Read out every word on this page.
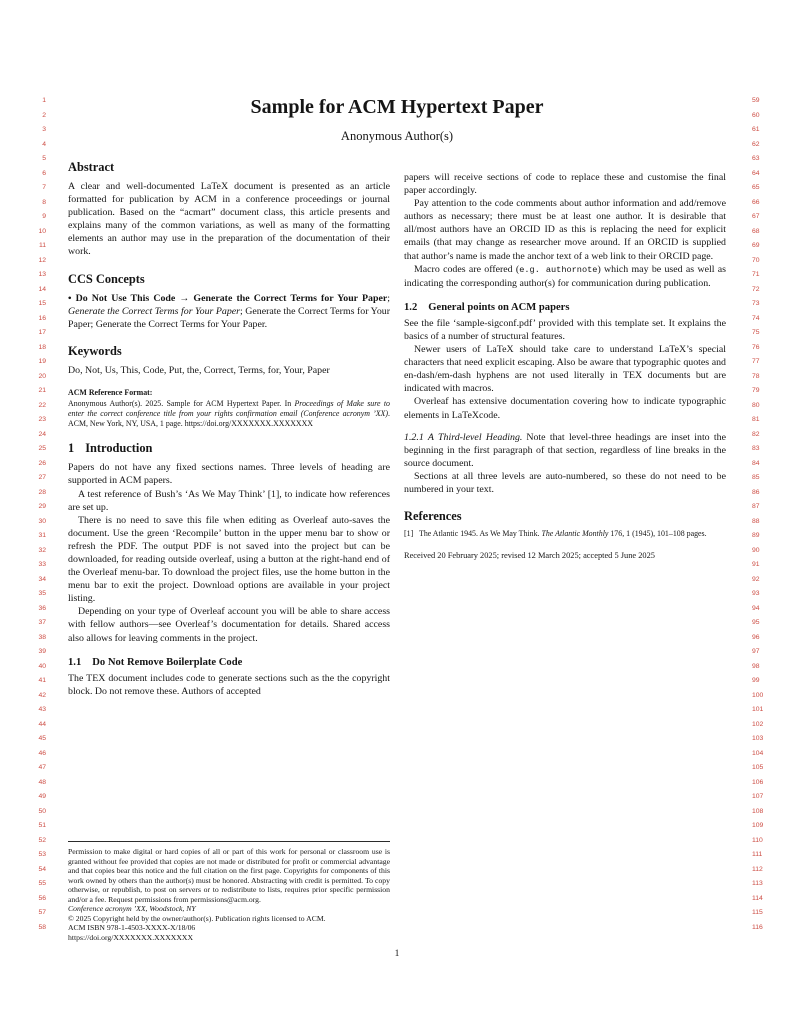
1
2
3
4
5
6
7
8
9
10
11
12
13
14
15
16
17
18
19
20
21
22
23
24
25
26
27
28
29
30
31
32
33
34
35
36
37
38
39
40
41
42
43
44
45
46
47
48
49
50
51
52
53
54
55
56
57
58
59
60
61
62
63
64
65
66
67
68
69
70
71
72
73
74
75
76
77
78
79
80
81
82
83
84
85
86
87
88
89
90
91
92
93
94
95
96
97
98
99
100
101
102
103
104
105
106
107
108
109
110
111
112
113
114
115
116
Sample for ACM Hypertext Paper
Anonymous Author(s)
Abstract

A clear and well-documented LaTeX document is presented as an article formatted for publication by ACM in a conference proceedings or journal publication. Based on the “acmart” document class, this article presents and explains many of the common variations, as well as many of the formatting elements an author may use in the preparation of the documentation of their work.

CCS Concepts

• Do Not Use This Code → Generate the Correct Terms for Your Paper; Generate the Correct Terms for Your Paper; Generate the Correct Terms for Your Paper; Generate the Correct Terms for Your Paper.

Keywords

Do, Not, Us, This, Code, Put, the, Correct, Terms, for, Your, Paper

ACM Reference Format:

Anonymous Author(s). 2025. Sample for ACM Hypertext Paper. In Proceedings of Make sure to enter the correct conference title from your rights confirmation email (Conference acronym ’XX). ACM, New York, NY, USA, 1 page. https://doi.org/XXXXXXX.XXXXXXX

1 Introduction

Papers do not have any fixed sections names. Three levels of heading are supported in ACM papers.

A test reference of Bush’s ‘As We May Think’ [1], to indicate how references are set up.

There is no need to save this file when editing as Overleaf auto-saves the document. Use the green ‘Recompile’ button in the upper menu bar to show or refresh the PDF. The output PDF is not saved into the project but can be downloaded, for reading outside overleaf, using a button at the right-hand end of the Overleaf menu-bar. To download the project files, use the home button in the menu bar to exit the project. Download options are available in your project listing.

Depending on your type of Overleaf account you will be able to share access with fellow authors—see Overleaf’s documentation for details. Shared access also allows for leaving comments in the project.

1.1 Do Not Remove Boilerplate Code

The TEX document includes code to generate sections such as the the copyright block. Do not remove these. Authors of accepted

Permission to make digital or hard copies of all or part of this work for personal or classroom use is granted without fee provided that copies are not made or distributed for profit or commercial advantage and that copies bear this notice and the full citation on the first page. Copyrights for components of this work owned by others than the author(s) must be honored. Abstracting with credit is permitted. To copy otherwise, or republish, to post on servers or to redistribute to lists, requires prior specific permission and/or a fee. Request permissions from permissions@acm.org.

Conference acronym ’XX, Woodstock, NY

© 2025 Copyright held by the owner/author(s). Publication rights licensed to ACM.

ACM ISBN 978-1-4503-XXXX-X/18/06

https://doi.org/XXXXXXX.XXXXXXX

papers will receive sections of code to replace these and customise the final paper accordingly.

Pay attention to the code comments about author information and add/remove authors as necessary; there must be at least one author. It is desirable that all/most authors have an ORCID ID as this is replacing the need for explicit emails (that may change as researcher move around. If an ORCID is supplied that author’s name is made the anchor text of a web link to their ORCID page.

Macro codes are offered (e.g. authornote) which may be used as well as indicating the corresponding author(s) for communication during publication.

1.2 General points on ACM papers

See the file ‘sample-sigconf.pdf’ provided with this template set. It explains the basics of a number of structural features.

Newer users of LaTeX should take care to understand LaTeX’s special characters that need explicit escaping. Also be aware that typographic quotes and en-dash/em-dash hyphens are not used literally in TEX documents but are indicated with macros.

Overleaf has extensive documentation covering how to indicate typographic elements in LaTeXcode.

1.2.1 A Third-level Heading. Note that level-three headings are inset into the beginning in the first paragraph of that section, regardless of line breaks in the source document.

Sections at all three levels are auto-numbered, so these do not need to be numbered in your text.

References
[1] The Atlantic 1945. As We May Think. The Atlantic Monthly 176, 1 (1945), 101–108 pages.

Received 20 February 2025; revised 12 March 2025; accepted 5 June 2025

1
